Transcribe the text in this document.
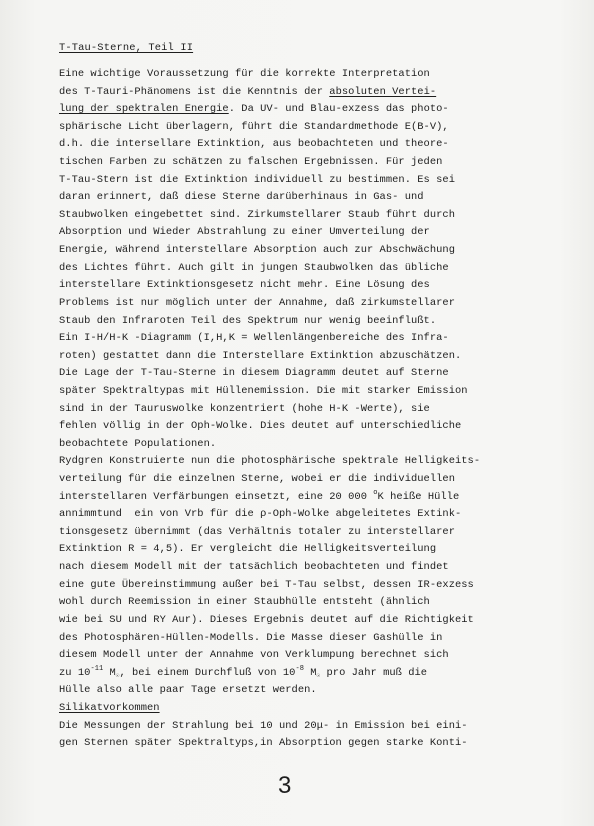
T-Tau-Sterne, Teil II
Eine wichtige Voraussetzung für die korrekte Interpretation
des T-Tauri-Phänomens ist die Kenntnis der absoluten Vertei-
lung der spektralen Energie. Da UV- und Blau-exzess das photo-
sphärische Licht überlagern, führt die Standardmethode E(B-V),
d.h. die intersellare Extinktion, aus beobachteten und theore-
tischen Farben zu schätzen zu falschen Ergebnissen. Für jeden
T-Tau-Stern ist die Extinktion individuell zu bestimmen. Es sei
daran erinnert, daß diese Sterne darüberhinaus in Gas- und
Staubwolken eingebettet sind. Zirkumstellarer Staub führt durch
Absorption und Wieder Abstrahlung zu einer Umverteilung der
Energie, während interstellare Absorption auch zur Abschwächung
des Lichtes führt. Auch gilt in jungen Staubwolken das übliche
interstellare Extinktionsgesetz nicht mehr. Eine Lösung des
Problems ist nur möglich unter der Annahme, daß zirkumstellarer
Staub den Infraroten Teil des Spektrum nur wenig beeinflußt.
Ein I-H/H-K -Diagramm (I,H,K = Wellenlängenbereiche des Infra-
roten) gestattet dann die Interstellare Extinktion abzuschätzen.
Die Lage der T-Tau-Sterne in diesem Diagramm deutet auf Sterne
später Spektraltypas mit Hüllenemission. Die mit starker Emission
sind in der Tauruswolke konzentriert (hohe H-K -Werte), sie
fehlen völlig in der Oph-Wolke. Dies deutet auf unterschiedliche
beobachtete Populationen.
Rydgren Konstruierte nun die photosphärische spektrale Helligkeits-
verteilung für die einzelnen Sterne, wobei er die individuellen
interstellaren Verfärbungen einsetzt, eine 20 000 $^o$K heiße Hülle
annimmtund  ein von Vrb für die ρ-Oph-Wolke abgeleitetes Extink-
tionsgesetz übernimmt (das Verhältnis totaler zu interstellarer
Extinktion R = 4,5). Er vergleicht die Helligkeitsverteilung
nach diesem Modell mit der tatsächlich beobachteten und findet
eine gute Übereinstimmung außer bei T-Tau selbst, dessen IR-exzess
wohl durch Reemission in einer Staubhülle entsteht (ähnlich
wie bei SU und RY Aur). Dieses Ergebnis deutet auf die Richtigkeit
des Photosphären-Hüllen-Modells. Die Masse dieser Gashülle in
diesem Modell unter der Annahme von Verklumpung berechnet sich
zu $10^{-11}$ $M_☉$, bei einem Durchfluß von $10^{-8}$ $M_☉$ pro Jahr muß die
Hülle also alle paar Tage ersetzt werden.
Silikatvorkommen
Die Messungen der Strahlung bei 10 und 20μ- in Emission bei eini-
gen Sternen später Spektraltyps,in Absorption gegen starke Konti-
3
